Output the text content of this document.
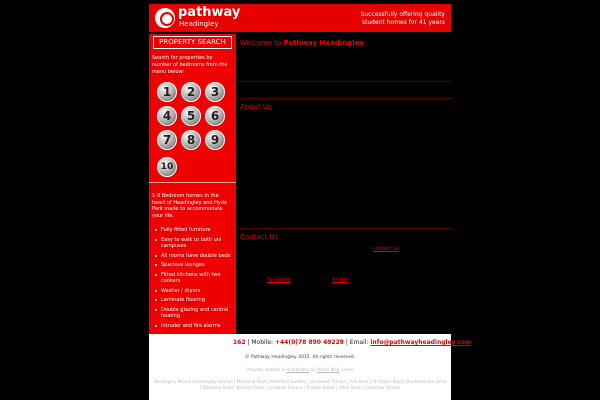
pathway
Headingley
Successfully offering quality student homes for 41 years
PROPERTY SEARCH
Search for properties by number of bedrooms from the menu below:
1	2	3
4	5	6
7	8	9
10
1-9 Bedroom homes in the heart of Headingley and Hyde Park made to accommodate your life.
Fully fitted furniture
Easy to walk to both uni campuses
All rooms have double beds
Spacious lounges
Fitted kitchens with two cookers
Washer / dryers
Laminate flooring
Double glazing and central heating
Intruder and fire alarms
Welcome to Pathway Headingley
About Us
Contact Us
contact us
Facebook	Twitter
162 | Mobile: +44(0)78 890 49228 | Email: info@pathwayheadingley.com
© Pathway Headingley 2015. All rights reserved.
Property website in Headingley by Studio Web, Leeds
Headingley Mount | Headingley Avenue | Moorland Road | Moorfield Gardens | Brudenell Terrace | Ash Road | St Chad's Road | Brudenell Ave Drive | Woodsley Road | Kirkstall Road | Langdale Terrace | Trelawn Street | Otley Road | Grimshaw Terrace
